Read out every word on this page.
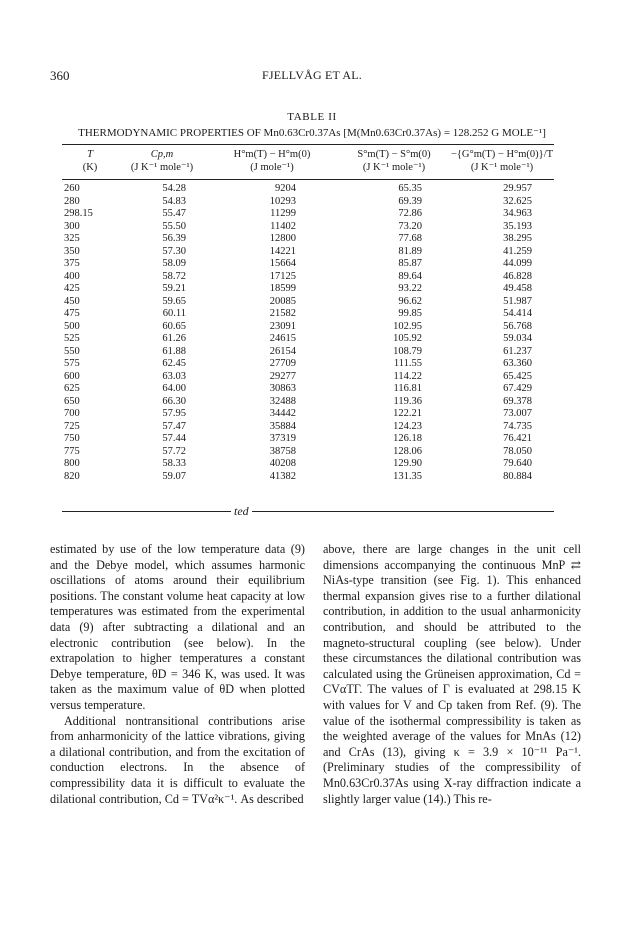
360	FJELLVÅG ET AL.
TABLE II
THERMODYNAMIC PROPERTIES OF Mn0.63Cr0.37As [M(Mn0.63Cr0.37As) = 128.252 G MOLE⁻¹]
T	Cp,m	H°m(T) − H°m(0)	S°m(T) − S°m(0)	−{G°m(T) − H°m(0)}/T
(K)	(J K⁻¹ mole⁻¹)	(J mole⁻¹)	(J K⁻¹ mole⁻¹)	(J K⁻¹ mole⁻¹)
260	54.28	9204	65.35	29.957
280	54.83	10293	69.39	32.625
298.15	55.47	11299	72.86	34.963
300	55.50	11402	73.20	35.193
325	56.39	12800	77.68	38.295
350	57.30	14221	81.89	41.259
375	58.09	15664	85.87	44.099
400	58.72	17125	89.64	46.828
425	59.21	18599	93.22	49.458
450	59.65	20085	96.62	51.987
475	60.11	21582	99.85	54.414
500	60.65	23091	102.95	56.768
525	61.26	24615	105.92	59.034
550	61.88	26154	108.79	61.237
575	62.45	27709	111.55	63.360
600	63.03	29277	114.22	65.425
625	64.00	30863	116.81	67.429
650	66.30	32488	119.36	69.378
700	57.95	34442	122.21	73.007
725	57.47	35884	124.23	74.735
750	57.44	37319	126.18	76.421
775	57.72	38758	128.06	78.050
800	58.33	40208	129.90	79.640
820	59.07	41382	131.35	80.884
ted

estimated by use of the low temperature data (9) and the Debye model, which assumes harmonic oscillations of atoms around their equilibrium positions. The constant volume heat capacity at low temperatures was estimated from the experimental data (9) after subtracting a dilational and an electronic contribution (see below). In the extrapolation to higher temperatures a constant Debye temperature, θD = 346 K, was used. It was taken as the maximum value of θD when plotted versus temperature.

Additional nontransitional contributions arise from anharmonicity of the lattice vibrations, giving a dilational contribution, and from the excitation of conduction electrons. In the absence of compressibility data it is difficult to evaluate the dilational contribution, Cd = TVα²κ⁻¹. As described

above, there are large changes in the unit cell dimensions accompanying the continuous MnP ⇄ NiAs-type transition (see Fig. 1). This enhanced thermal expansion gives rise to a further dilational contribution, in addition to the usual anharmonicity contribution, and should be attributed to the magneto-structural coupling (see below). Under these circumstances the dilational contribution was calculated using the Grüneisen approximation, Cd = CVαTΓ. The values of Γ is evaluated at 298.15 K with values for V and Cp taken from Ref. (9). The value of the isothermal compressibility is taken as the weighted average of the values for MnAs (12) and CrAs (13), giving κ = 3.9 × 10⁻¹¹ Pa⁻¹. (Preliminary studies of the compressibility of Mn0.63Cr0.37As using X-ray diffraction indicate a slightly larger value (14).) This re-
